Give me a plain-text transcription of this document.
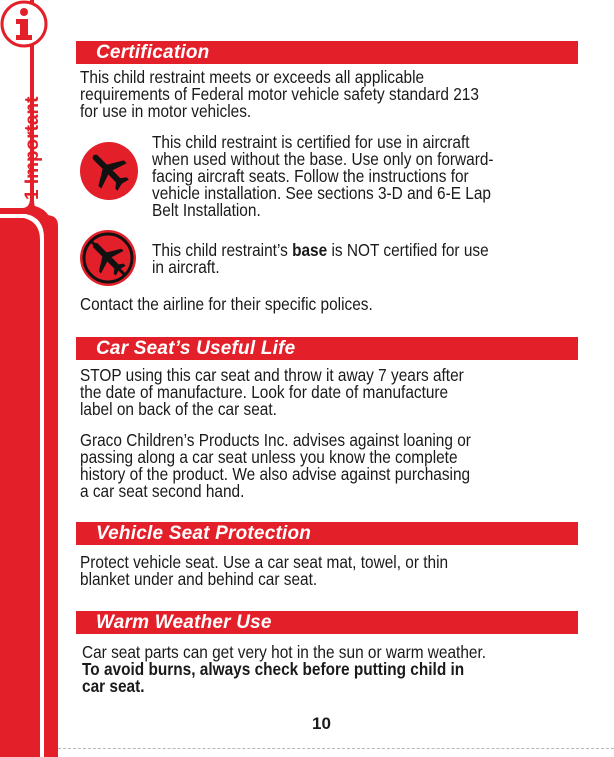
1 Important
Certification
This child restraint meets or exceeds all applicable
requirements of Federal motor vehicle safety standard 213
for use in motor vehicles.
This child restraint is certified for use in aircraft
when used without the base. Use only on forward-
facing aircraft seats. Follow the instructions for
vehicle installation. See sections 3-D and 6-E Lap
Belt Installation.
This child restraint’s base is NOT certified for use
in aircraft.
Contact the airline for their specific polices.
Car Seat’s Useful Life
STOP using this car seat and throw it away 7 years after
the date of manufacture. Look for date of manufacture
label on back of the car seat.
Graco Children’s Products Inc. advises against loaning or
passing along a car seat unless you know the complete
history of the product. We also advise against purchasing
a car seat second hand.
Vehicle Seat Protection
Protect vehicle seat. Use a car seat mat, towel, or thin
blanket under and behind car seat.
Warm Weather Use
Car seat parts can get very hot in the sun or warm weather.
To avoid burns, always check before putting child in
car seat.
10
